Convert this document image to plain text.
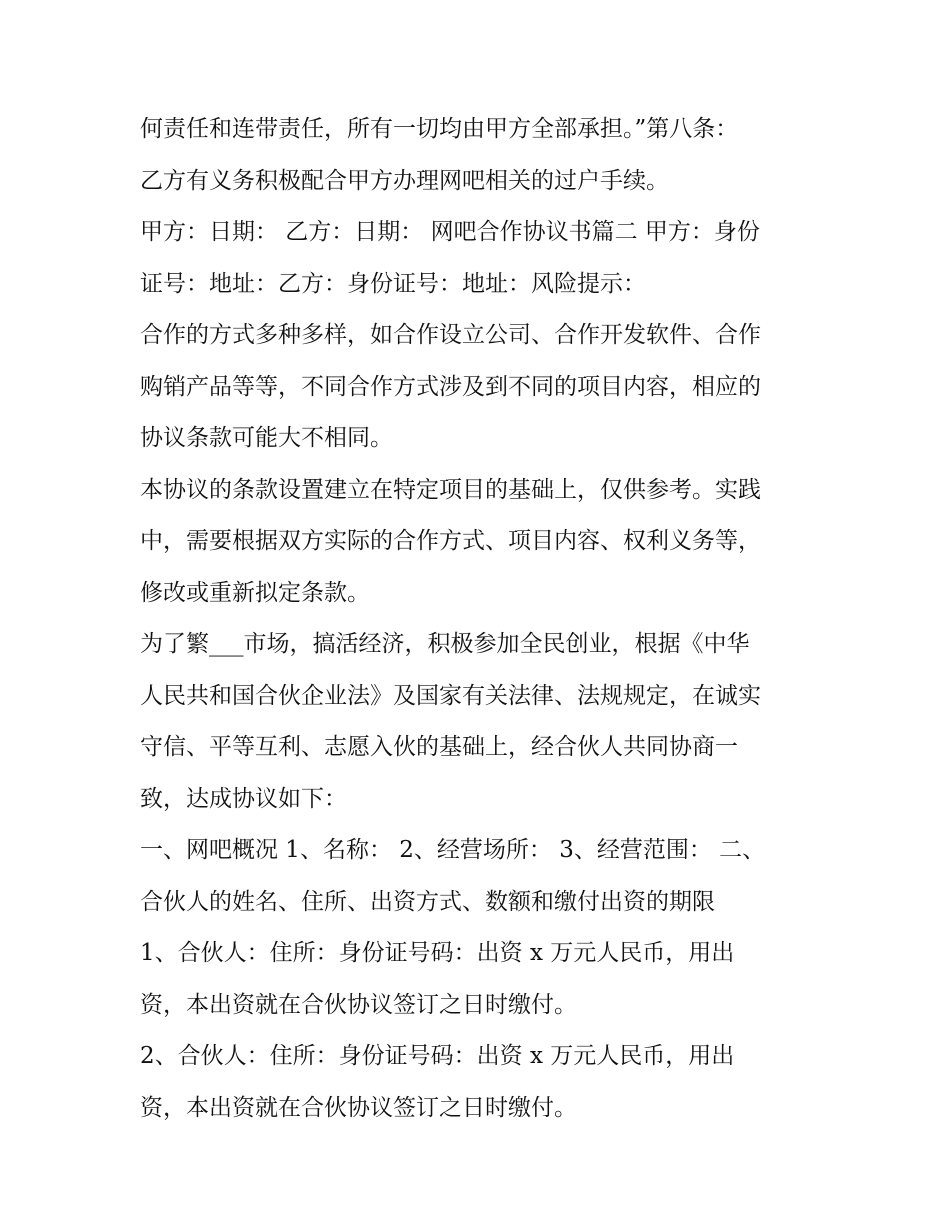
何责任和连带责任，所有一切均由甲方全部承担。”第八条：
乙方有义务积极配合甲方办理网吧相关的过户手续。
甲方：日期： 乙方：日期： 网吧合作协议书篇二 甲方：身份
证号：地址：乙方：身份证号：地址：风险提示：
合作的方式多种多样，如合作设立公司、合作开发软件、合作
购销产品等等，不同合作方式涉及到不同的项目内容，相应的
协议条款可能大不相同。
本协议的条款设置建立在特定项目的基础上，仅供参考。实践
中，需要根据双方实际的合作方式、项目内容、权利义务等，
修改或重新拟定条款。
为了繁___市场，搞活经济，积极参加全民创业，根据《中华
人民共和国合伙企业法》及国家有关法律、法规规定，在诚实
守信、平等互利、志愿入伙的基础上，经合伙人共同协商一
致，达成协议如下：
一、网吧概况 1、名称： 2、经营场所： 3、经营范围： 二、
合伙人的姓名、住所、出资方式、数额和缴付出资的期限
1、合伙人：住所：身份证号码：出资 x 万元人民币，用出
资，本出资就在合伙协议签订之日时缴付。
2、合伙人：住所：身份证号码：出资 x 万元人民币，用出
资，本出资就在合伙协议签订之日时缴付。
